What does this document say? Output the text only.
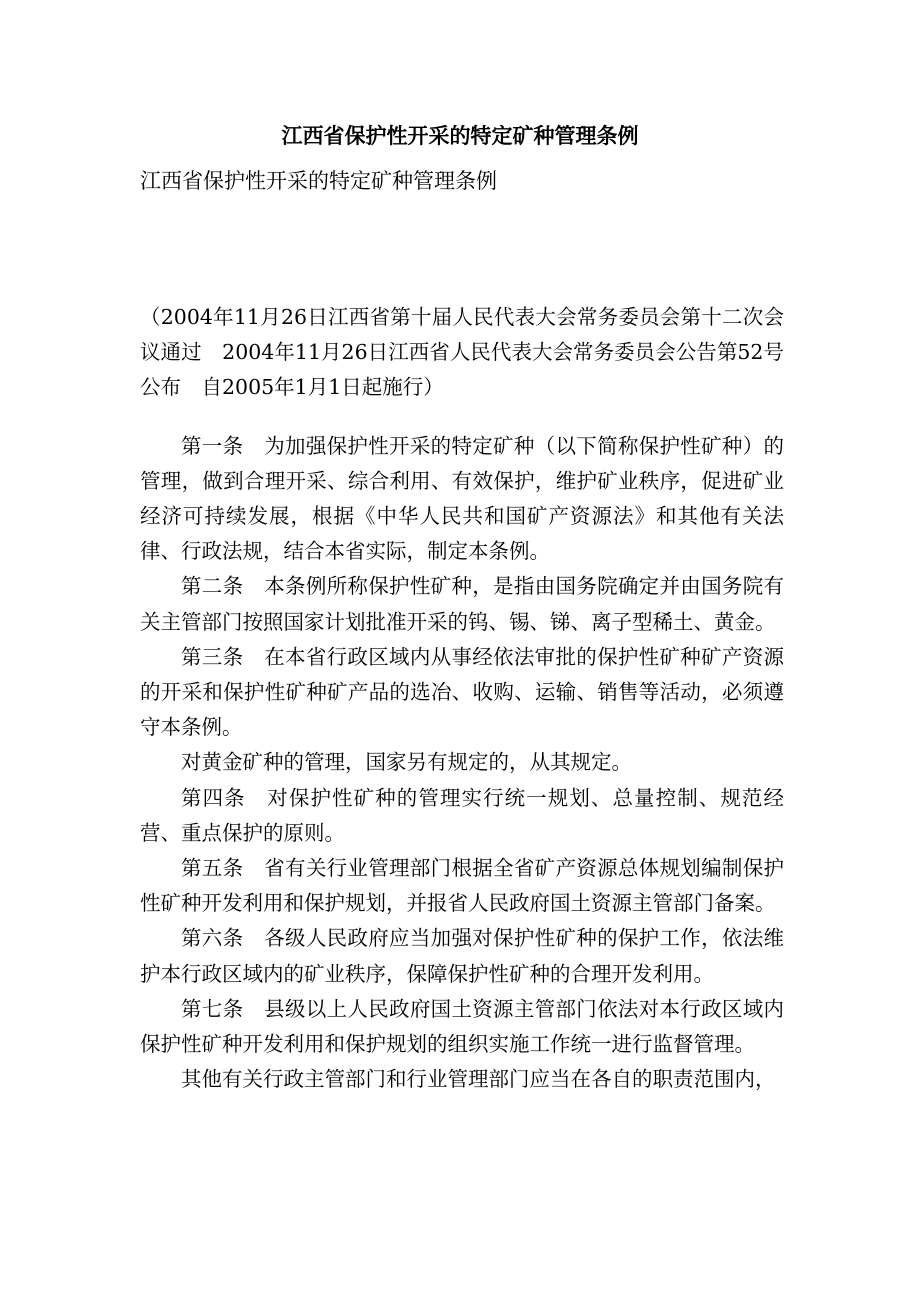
江西省保护性开采的特定矿种管理条例
江西省保护性开采的特定矿种管理条例

（2004年11月26日江西省第十届人民代表大会常务委员会第十二次会议通过　2004年11月26日江西省人民代表大会常务委员会公告第52号公布　自2005年1月1日起施行）

第一条　为加强保护性开采的特定矿种（以下简称保护性矿种）的管理，做到合理开采、综合利用、有效保护，维护矿业秩序，促进矿业经济可持续发展，根据《中华人民共和国矿产资源法》和其他有关法律、行政法规，结合本省实际，制定本条例。

第二条　本条例所称保护性矿种，是指由国务院确定并由国务院有关主管部门按照国家计划批准开采的钨、锡、锑、离子型稀土、黄金。

第三条　在本省行政区域内从事经依法审批的保护性矿种矿产资源的开采和保护性矿种矿产品的选冶、收购、运输、销售等活动，必须遵守本条例。

对黄金矿种的管理，国家另有规定的，从其规定。

第四条　对保护性矿种的管理实行统一规划、总量控制、规范经营、重点保护的原则。

第五条　省有关行业管理部门根据全省矿产资源总体规划编制保护性矿种开发利用和保护规划，并报省人民政府国土资源主管部门备案。

第六条　各级人民政府应当加强对保护性矿种的保护工作，依法维护本行政区域内的矿业秩序，保障保护性矿种的合理开发利用。

第七条　县级以上人民政府国土资源主管部门依法对本行政区域内保护性矿种开发利用和保护规划的组织实施工作统一进行监督管理。

其他有关行政主管部门和行业管理部门应当在各自的职责范围内，
